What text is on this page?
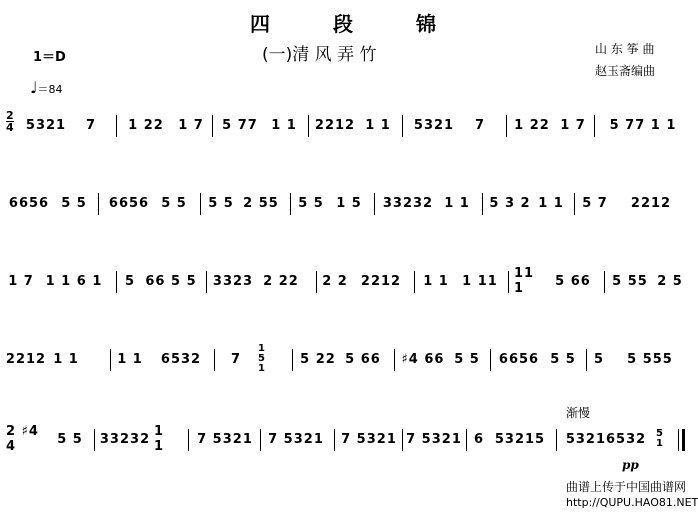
四	段	锦
(一)清 风 弄 竹
1＝D
♩＝84
山 东 筝 曲
赵玉斋编曲
2
4 5321	7	1 22	1 7	5 77	1 1 2212 1 1 5321	7	1 22 1 7	5 77 1 1
6656 5 5 6656 5 5 5 5 2 55 5 5 1 5	33232 1 1 5 3 2 1 1 5 7	2212
1 7 1 1 6 1	5 66 5 5 3323 2 22 2 2	2212	1 1	1 11	11 1	5 66	5 55 2 5
2212 1 1	1 1	6532	7
1 5 1
5 22 5 66 ♯4 66 5 5 6656 5 5 5	5 555
2 ♯4 4	5 5 33232 1 1	7 5321	7 5321	7 5321 7 5321 6 53215 53216532 5 1
渐慢
pp
曲谱上传于中国曲谱网
http://QUPU.HAO81.NET
